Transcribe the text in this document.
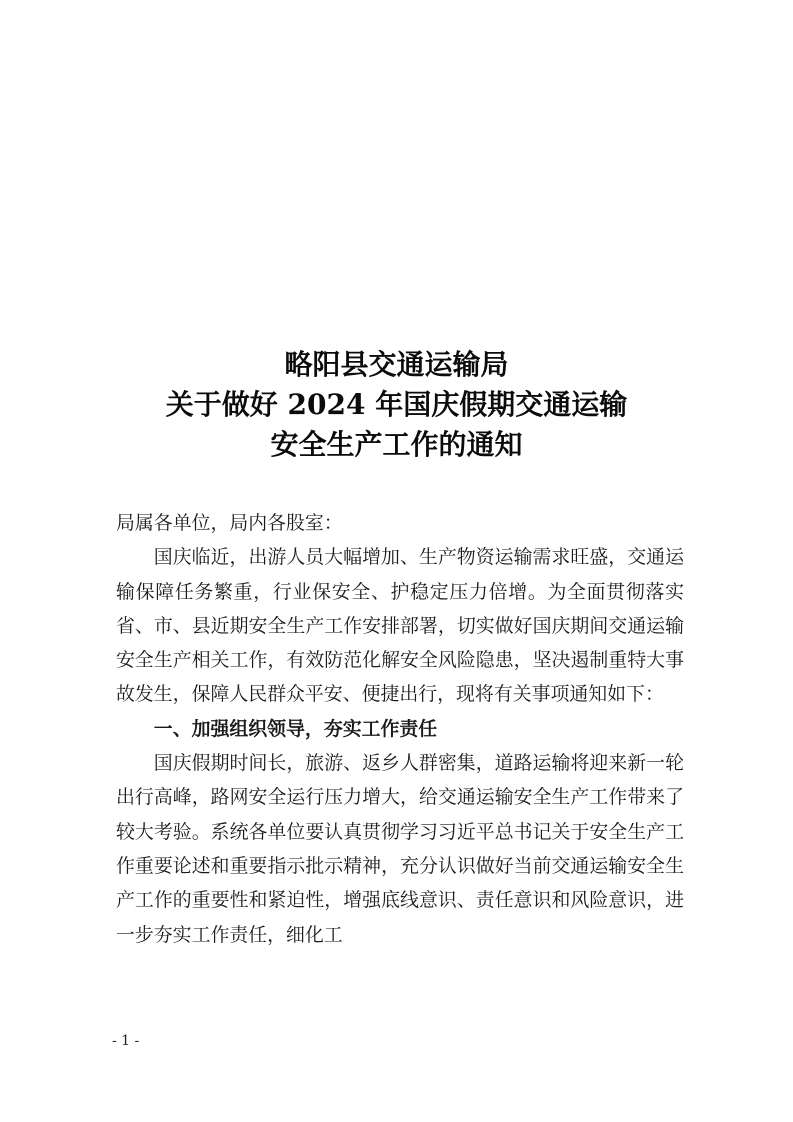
略阳县交通运输局
关于做好 2024 年国庆假期交通运输
安全生产工作的通知

局属各单位，局内各股室：

国庆临近，出游人员大幅增加、生产物资运输需求旺盛，交通运输保障任务繁重，行业保安全、护稳定压力倍增。为全面贯彻落实省、市、县近期安全生产工作安排部署，切实做好国庆期间交通运输安全生产相关工作，有效防范化解安全风险隐患，坚决遏制重特大事故发生，保障人民群众平安、便捷出行，现将有关事项通知如下：

一、加强组织领导，夯实工作责任

国庆假期时间长，旅游、返乡人群密集，道路运输将迎来新一轮出行高峰，路网安全运行压力增大，给交通运输安全生产工作带来了较大考验。系统各单位要认真贯彻学习习近平总书记关于安全生产工作重要论述和重要指示批示精神，充分认识做好当前交通运输安全生产工作的重要性和紧迫性，增强底线意识、责任意识和风险意识，进一步夯实工作责任，细化工

- 1 -
